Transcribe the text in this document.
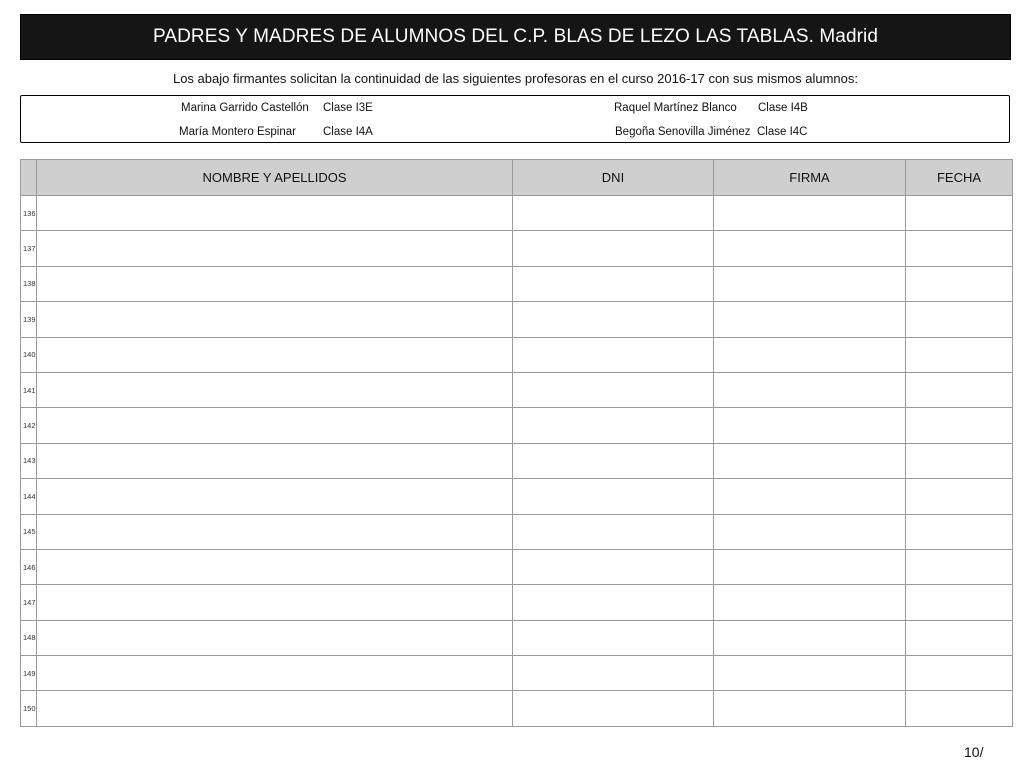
PADRES Y MADRES DE ALUMNOS DEL C.P. BLAS DE LEZO LAS TABLAS. Madrid
Los abajo firmantes solicitan la continuidad de las siguientes profesoras en el curso 2016-17 con sus mismos alumnos:
Marina Garrido Castellón Clase I3E	Raquel Martínez Blanco Clase I4B
María Montero Espinar Clase I4A	Begoña Senovilla Jiménez Clase I4C
	NOMBRE Y APELLIDOS	DNI	FIRMA	FECHA
136				
137				
138				
139				
140				
141				
142				
143				
144				
145				
146				
147				
148				
149				
150				
10/
